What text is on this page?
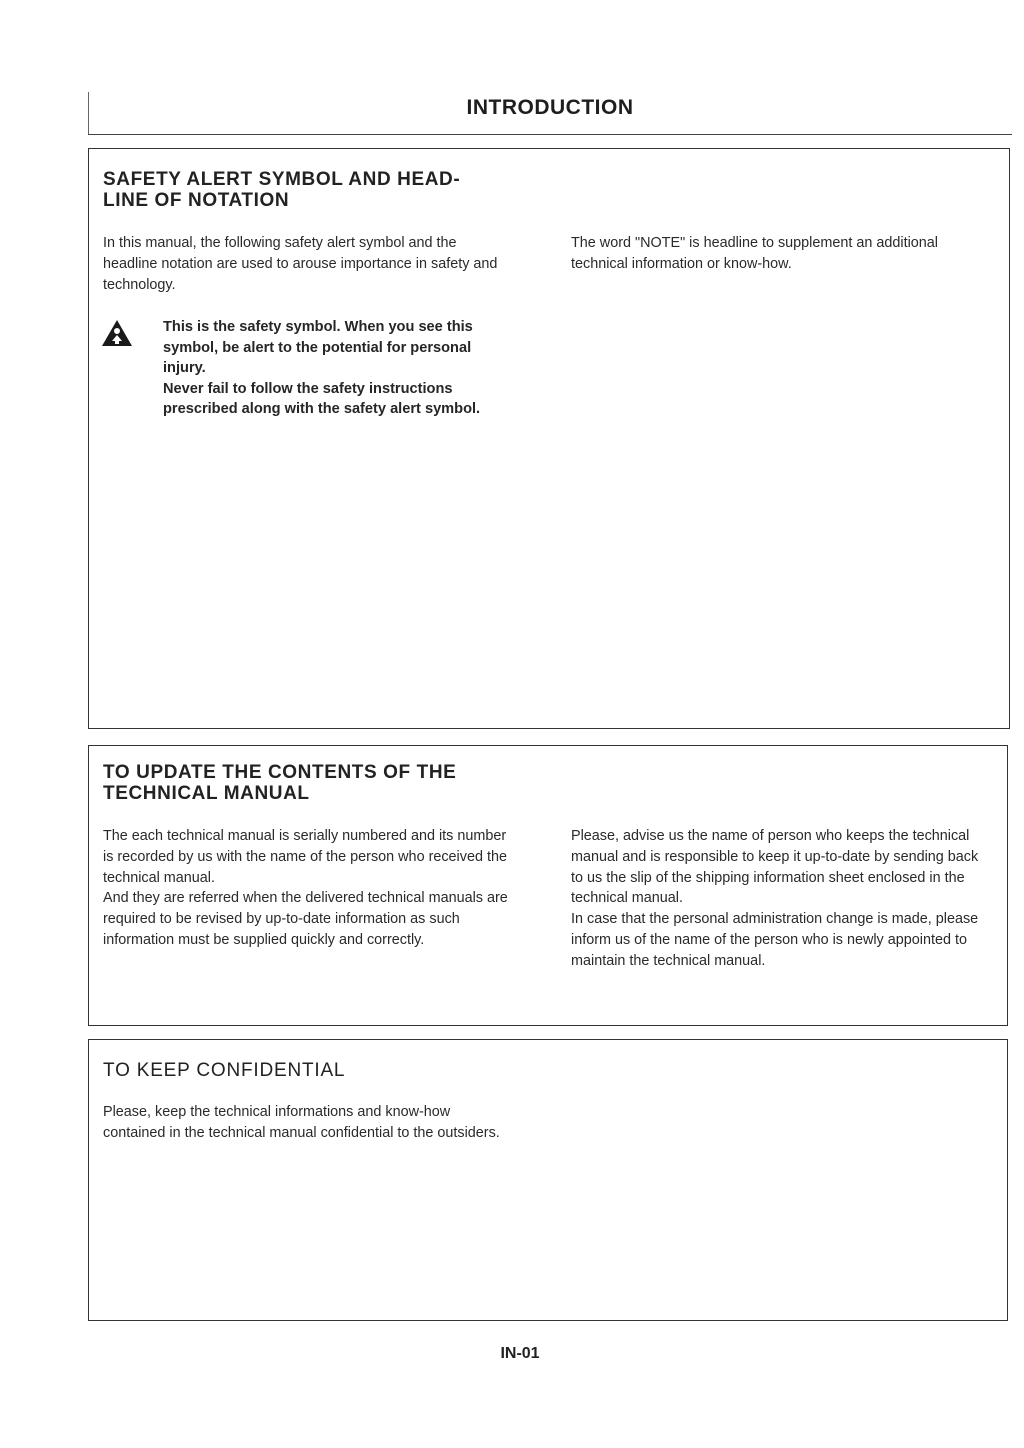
INTRODUCTION
SAFETY ALERT SYMBOL AND HEAD-
LINE OF NOTATION
In this manual, the following safety alert symbol and the headline notation are used to arouse importance in safety and technology.
This is the safety symbol. When you see this symbol, be alert to the potential for personal injury.
Never fail to follow the safety instructions prescribed along with the safety alert symbol.
The word "NOTE" is headline to supplement an additional technical information or know-how.
TO UPDATE THE CONTENTS OF THE TECHNICAL MANUAL
The each technical manual is serially numbered and its number is recorded by us with the name of the person who received the technical manual.
And they are referred when the delivered technical manuals are required to be revised by up-to-date information as such information must be supplied quickly and correctly.
Please, advise us the name of person who keeps the technical manual and is responsible to keep it up-to-date by sending back to us the slip of the shipping information sheet enclosed in the technical manual.
In case that the personal administration change is made, please inform us of the name of the person who is newly appointed to maintain the technical manual.
TO KEEP CONFIDENTIAL
Please, keep the technical informations and know-how contained in the technical manual confidential to the outsiders.
IN-01
